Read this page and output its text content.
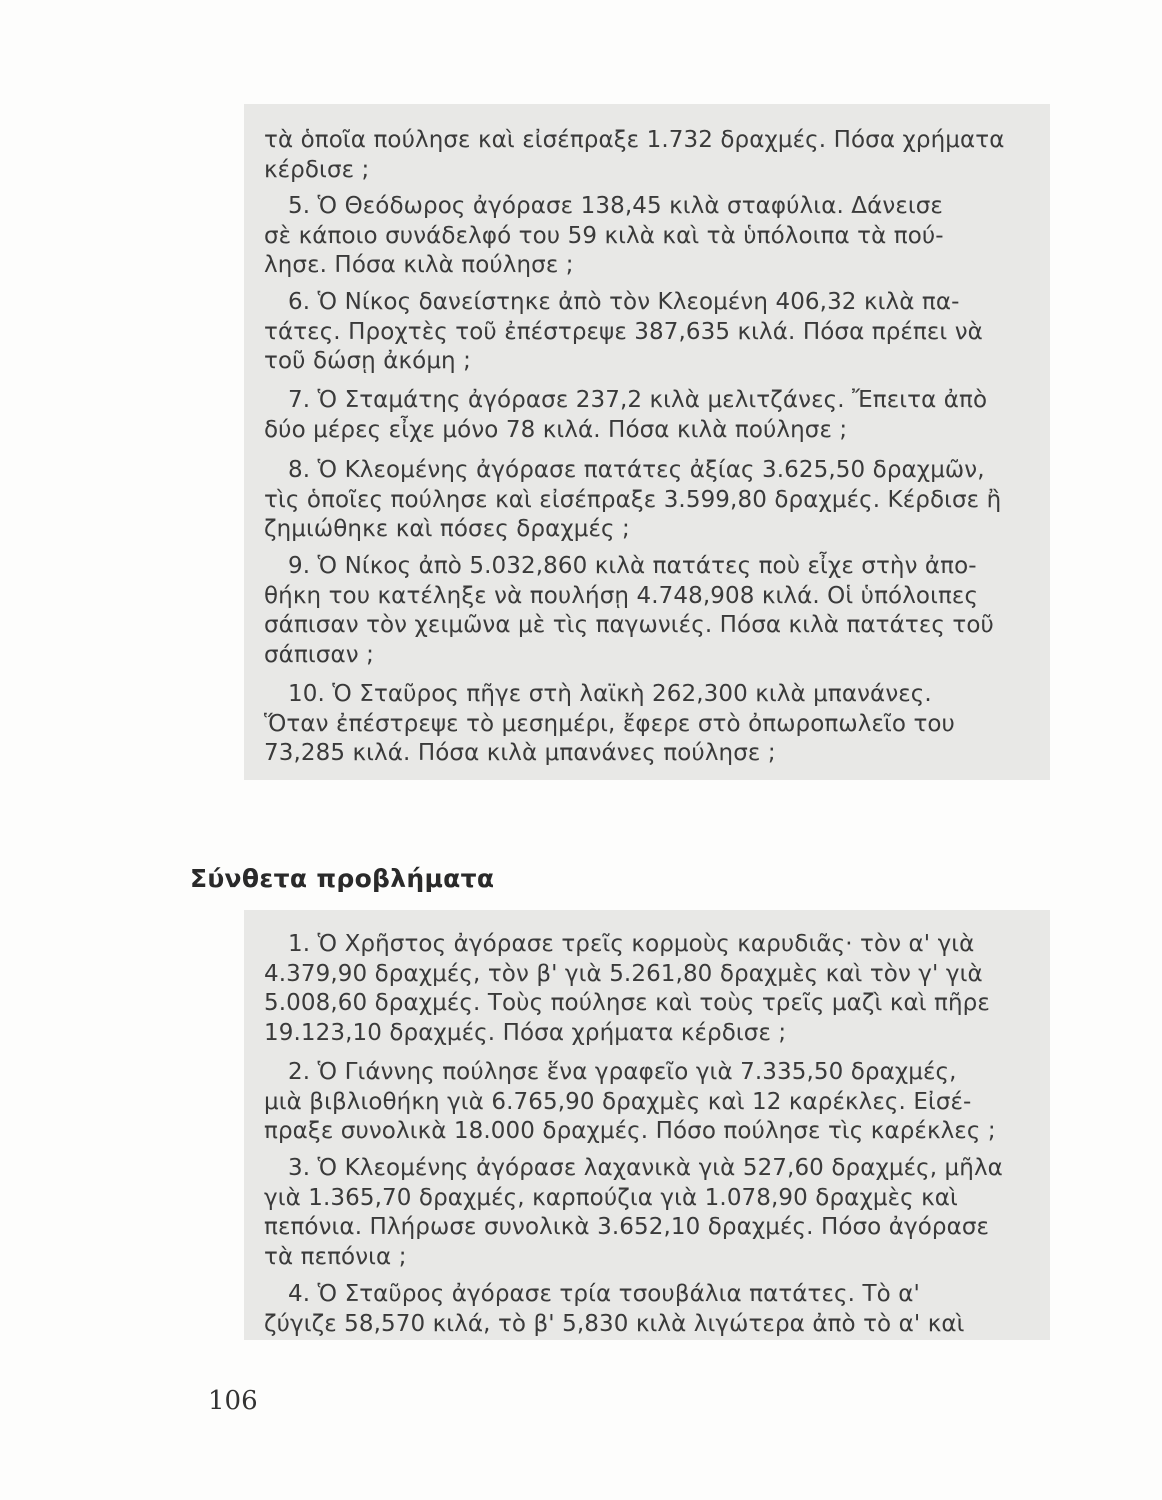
τὰ ὁποῖα πούλησε καὶ εἰσέπραξε 1.732 δραχμές. Πόσα χρήματα
κέρδισε ;

5. Ὁ Θεόδωρος ἀγόρασε 138,45 κιλὰ σταφύλια. Δάνεισε
σὲ κάποιο συνάδελφό του 59 κιλὰ καὶ τὰ ὑπόλοιπα τὰ πού-
λησε. Πόσα κιλὰ πούλησε ;

6. Ὁ Νίκος δανείστηκε ἀπὸ τὸν Κλεομένη 406,32 κιλὰ πα-
τάτες. Προχτὲς τοῦ ἐπέστρεψε 387,635 κιλά. Πόσα πρέπει νὰ
τοῦ δώσῃ ἀκόμη ;

7. Ὁ Σταμάτης ἀγόρασε 237,2 κιλὰ μελιτζάνες. Ἔπειτα ἀπὸ
δύο μέρες εἶχε μόνο 78 κιλά. Πόσα κιλὰ πούλησε ;

8. Ὁ Κλεομένης ἀγόρασε πατάτες ἀξίας 3.625,50 δραχμῶν,
τὶς ὁποῖες πούλησε καὶ εἰσέπραξε 3.599,80 δραχμές. Κέρδισε ἢ
ζημιώθηκε καὶ πόσες δραχμές ;

9. Ὁ Νίκος ἀπὸ 5.032,860 κιλὰ πατάτες ποὺ εἶχε στὴν ἀπο-
θήκη του κατέληξε νὰ πουλήσῃ 4.748,908 κιλά. Οἱ ὑπόλοιπες
σάπισαν τὸν χειμῶνα μὲ τὶς παγωνιές. Πόσα κιλὰ πατάτες τοῦ
σάπισαν ;

10. Ὁ Σταῦρος πῆγε στὴ λαϊκὴ 262,300 κιλὰ μπανάνες.
Ὅταν ἐπέστρεψε τὸ μεσημέρι, ἔφερε στὸ ὀπωροπωλεῖο του
73,285 κιλά. Πόσα κιλὰ μπανάνες πούλησε ;

Σύνθετα προβλήματα

1. Ὁ Χρῆστος ἀγόρασε τρεῖς κορμοὺς καρυδιᾶς· τὸν α' γιὰ
4.379,90 δραχμές, τὸν β' γιὰ 5.261,80 δραχμὲς καὶ τὸν γ' γιὰ
5.008,60 δραχμές. Τοὺς πούλησε καὶ τοὺς τρεῖς μαζὶ καὶ πῆρε
19.123,10 δραχμές. Πόσα χρήματα κέρδισε ;

2. Ὁ Γιάννης πούλησε ἕνα γραφεῖο γιὰ 7.335,50 δραχμές,
μιὰ βιβλιοθήκη γιὰ 6.765,90 δραχμὲς καὶ 12 καρέκλες. Εἰσέ-
πραξε συνολικὰ 18.000 δραχμές. Πόσο πούλησε τὶς καρέκλες ;

3. Ὁ Κλεομένης ἀγόρασε λαχανικὰ γιὰ 527,60 δραχμές, μῆλα
γιὰ 1.365,70 δραχμές, καρπούζια γιὰ 1.078,90 δραχμὲς καὶ
πεπόνια. Πλήρωσε συνολικὰ 3.652,10 δραχμές. Πόσο ἀγόρασε
τὰ πεπόνια ;

4. Ὁ Σταῦρος ἀγόρασε τρία τσουβάλια πατάτες. Τὸ α'
ζύγιζε 58,570 κιλά, τὸ β' 5,830 κιλὰ λιγώτερα ἀπὸ τὸ α' καὶ

106
